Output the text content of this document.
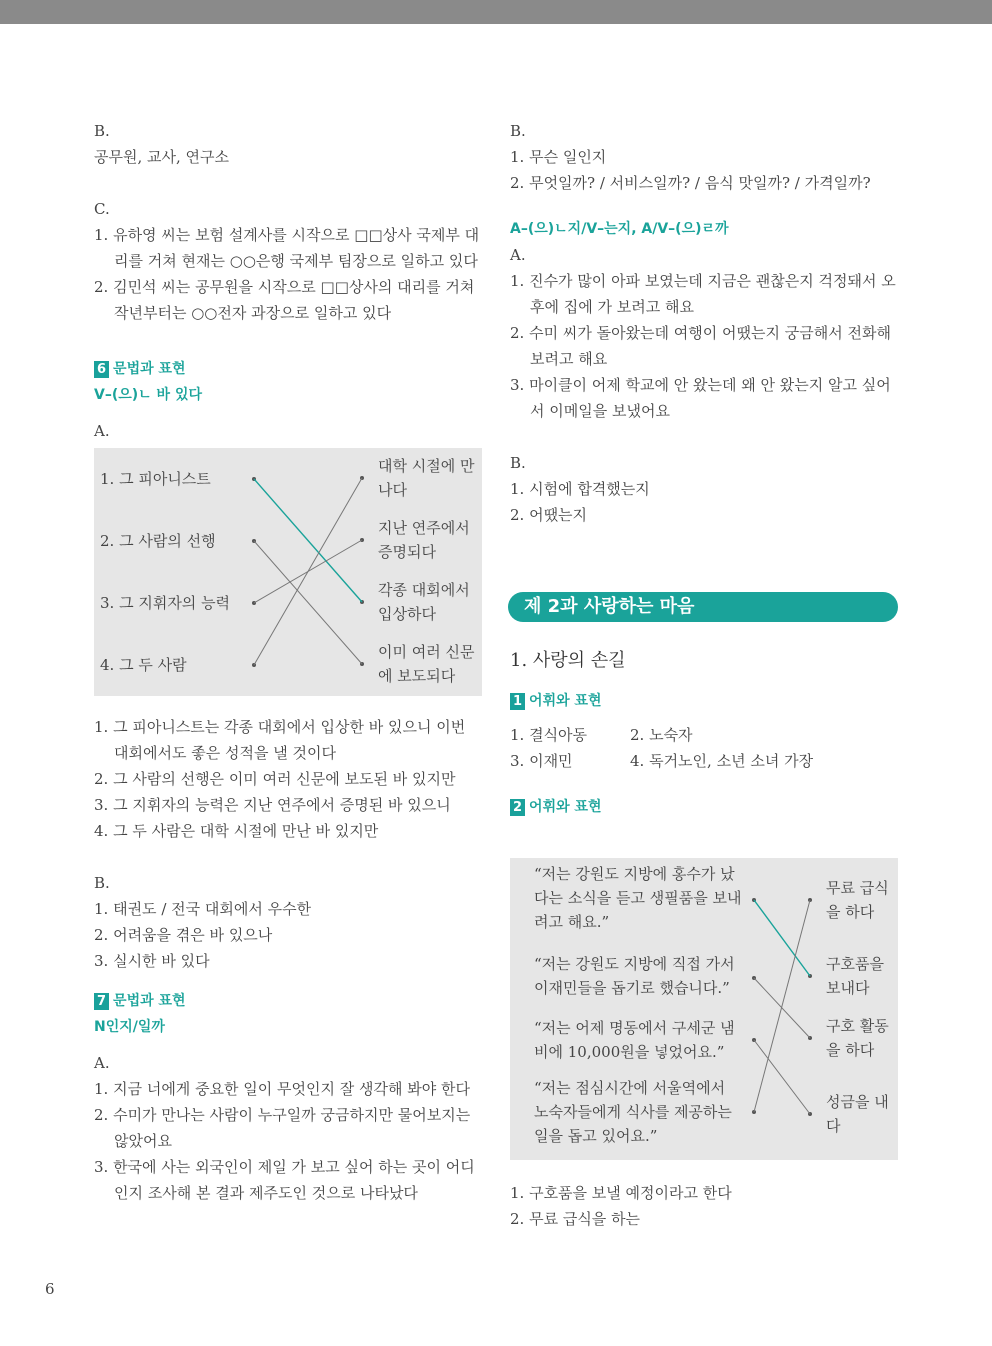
B.
공무원, 교사, 연구소
C.
1. 유하영 씨는 보험 설계사를 시작으로 □□상사 국제부 대리를 거쳐 현재는 ○○은행 국제부 팀장으로 일하고 있다
2. 김민석 씨는 공무원을 시작으로 □□상사의 대리를 거쳐 작년부터는 ○○전자 과장으로 일하고 있다
6 문법과 표현
V–(으)ㄴ 바 있다
A.
1. 그 피아니스트
2. 그 사람의 선행
3. 그 지휘자의 능력
4. 그 두 사람
대학 시절에 만나다
지난 연주에서 증명되다
각종 대회에서 입상하다
이미 여러 신문에 보도되다
1. 그 피아니스트는 각종 대회에서 입상한 바 있으니 이번 대회에서도 좋은 성적을 낼 것이다
2. 그 사람의 선행은 이미 여러 신문에 보도된 바 있지만
3. 그 지휘자의 능력은 지난 연주에서 증명된 바 있으니
4. 그 두 사람은 대학 시절에 만난 바 있지만
B.
1. 태권도 / 전국 대회에서 우수한
2. 어려움을 겪은 바 있으나
3. 실시한 바 있다
7 문법과 표현
N인지/일까
A.
1. 지금 너에게 중요한 일이 무엇인지 잘 생각해 봐야 한다
2. 수미가 만나는 사람이 누구일까 궁금하지만 물어보지는 않았어요
3. 한국에 사는 외국인이 제일 가 보고 싶어 하는 곳이 어디인지 조사해 본 결과 제주도인 것으로 나타났다
B.
1. 무슨 일인지
2. 무엇일까? / 서비스일까? / 음식 맛일까? / 가격일까?
A–(으)ㄴ지/V–는지, A/V–(으)ㄹ까
A.
1. 진수가 많이 아파 보였는데 지금은 괜찮은지 걱정돼서 오후에 집에 가 보려고 해요
2. 수미 씨가 돌아왔는데 여행이 어땠는지 궁금해서 전화해 보려고 해요
3. 마이클이 어제 학교에 안 왔는데 왜 안 왔는지 알고 싶어서 이메일을 보냈어요
B.
1. 시험에 합격했는지
2. 어땠는지
제 2과 사랑하는 마음
1. 사랑의 손길
1 어휘와 표현
1. 결식아동	2. 노숙자
3. 이재민	4. 독거노인, 소년 소녀 가장
2 어휘와 표현
“저는 강원도 지방에 홍수가 났다는 소식을 듣고 생필품을 보내려고 해요.”
“저는 강원도 지방에 직접 가서 이재민들을 돕기로 했습니다.”
“저는 어제 명동에서 구세군 냄비에 10,000원을 넣었어요.”
“저는 점심시간에 서울역에서 노숙자들에게 식사를 제공하는 일을 돕고 있어요.”
무료 급식을 하다
구호품을 보내다
구호 활동을 하다
성금을 내다
1. 구호품을 보낼 예정이라고 한다
2. 무료 급식을 하는
6
